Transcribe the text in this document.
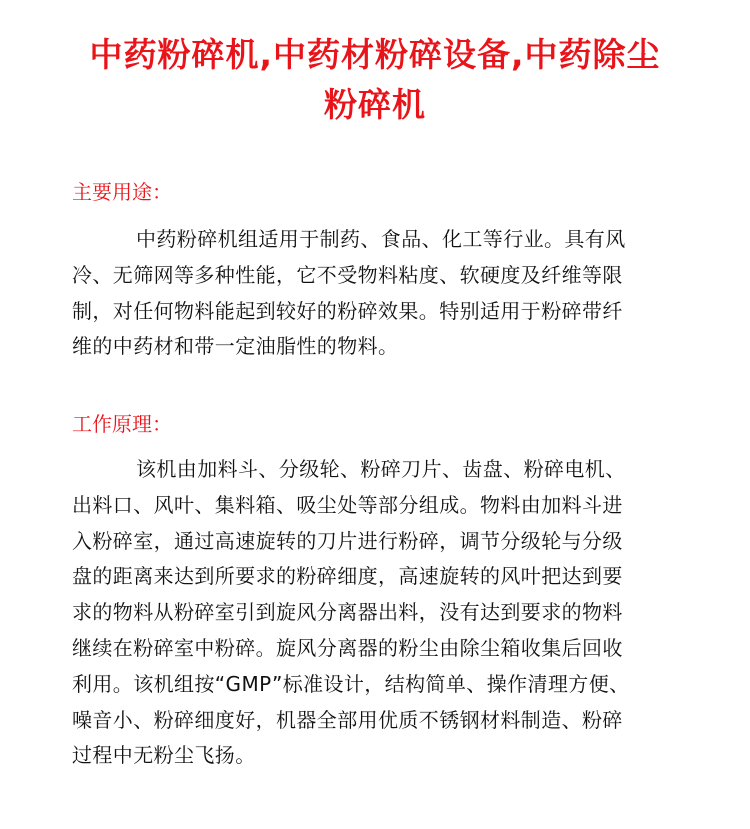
中药粉碎机,中药材粉碎设备,中药除尘
粉碎机
主要用途：

中药粉碎机组适用于制药、食品、化工等行业。具有风
冷、无筛网等多种性能，它不受物料粘度、软硬度及纤维等限
制，对任何物料能起到较好的粉碎效果。特别适用于粉碎带纤
维的中药材和带一定油脂性的物料。

工作原理：

该机由加料斗、分级轮、粉碎刀片、齿盘、粉碎电机、
出料口、风叶、集料箱、吸尘处等部分组成。物料由加料斗进
入粉碎室，通过高速旋转的刀片进行粉碎，调节分级轮与分级
盘的距离来达到所要求的粉碎细度，高速旋转的风叶把达到要
求的物料从粉碎室引到旋风分离器出料，没有达到要求的物料
继续在粉碎室中粉碎。旋风分离器的粉尘由除尘箱收集后回收
利用。该机组按“GMP”标准设计，结构简单、操作清理方便、
噪音小、粉碎细度好，机器全部用优质不锈钢材料制造、粉碎
过程中无粉尘飞扬。
